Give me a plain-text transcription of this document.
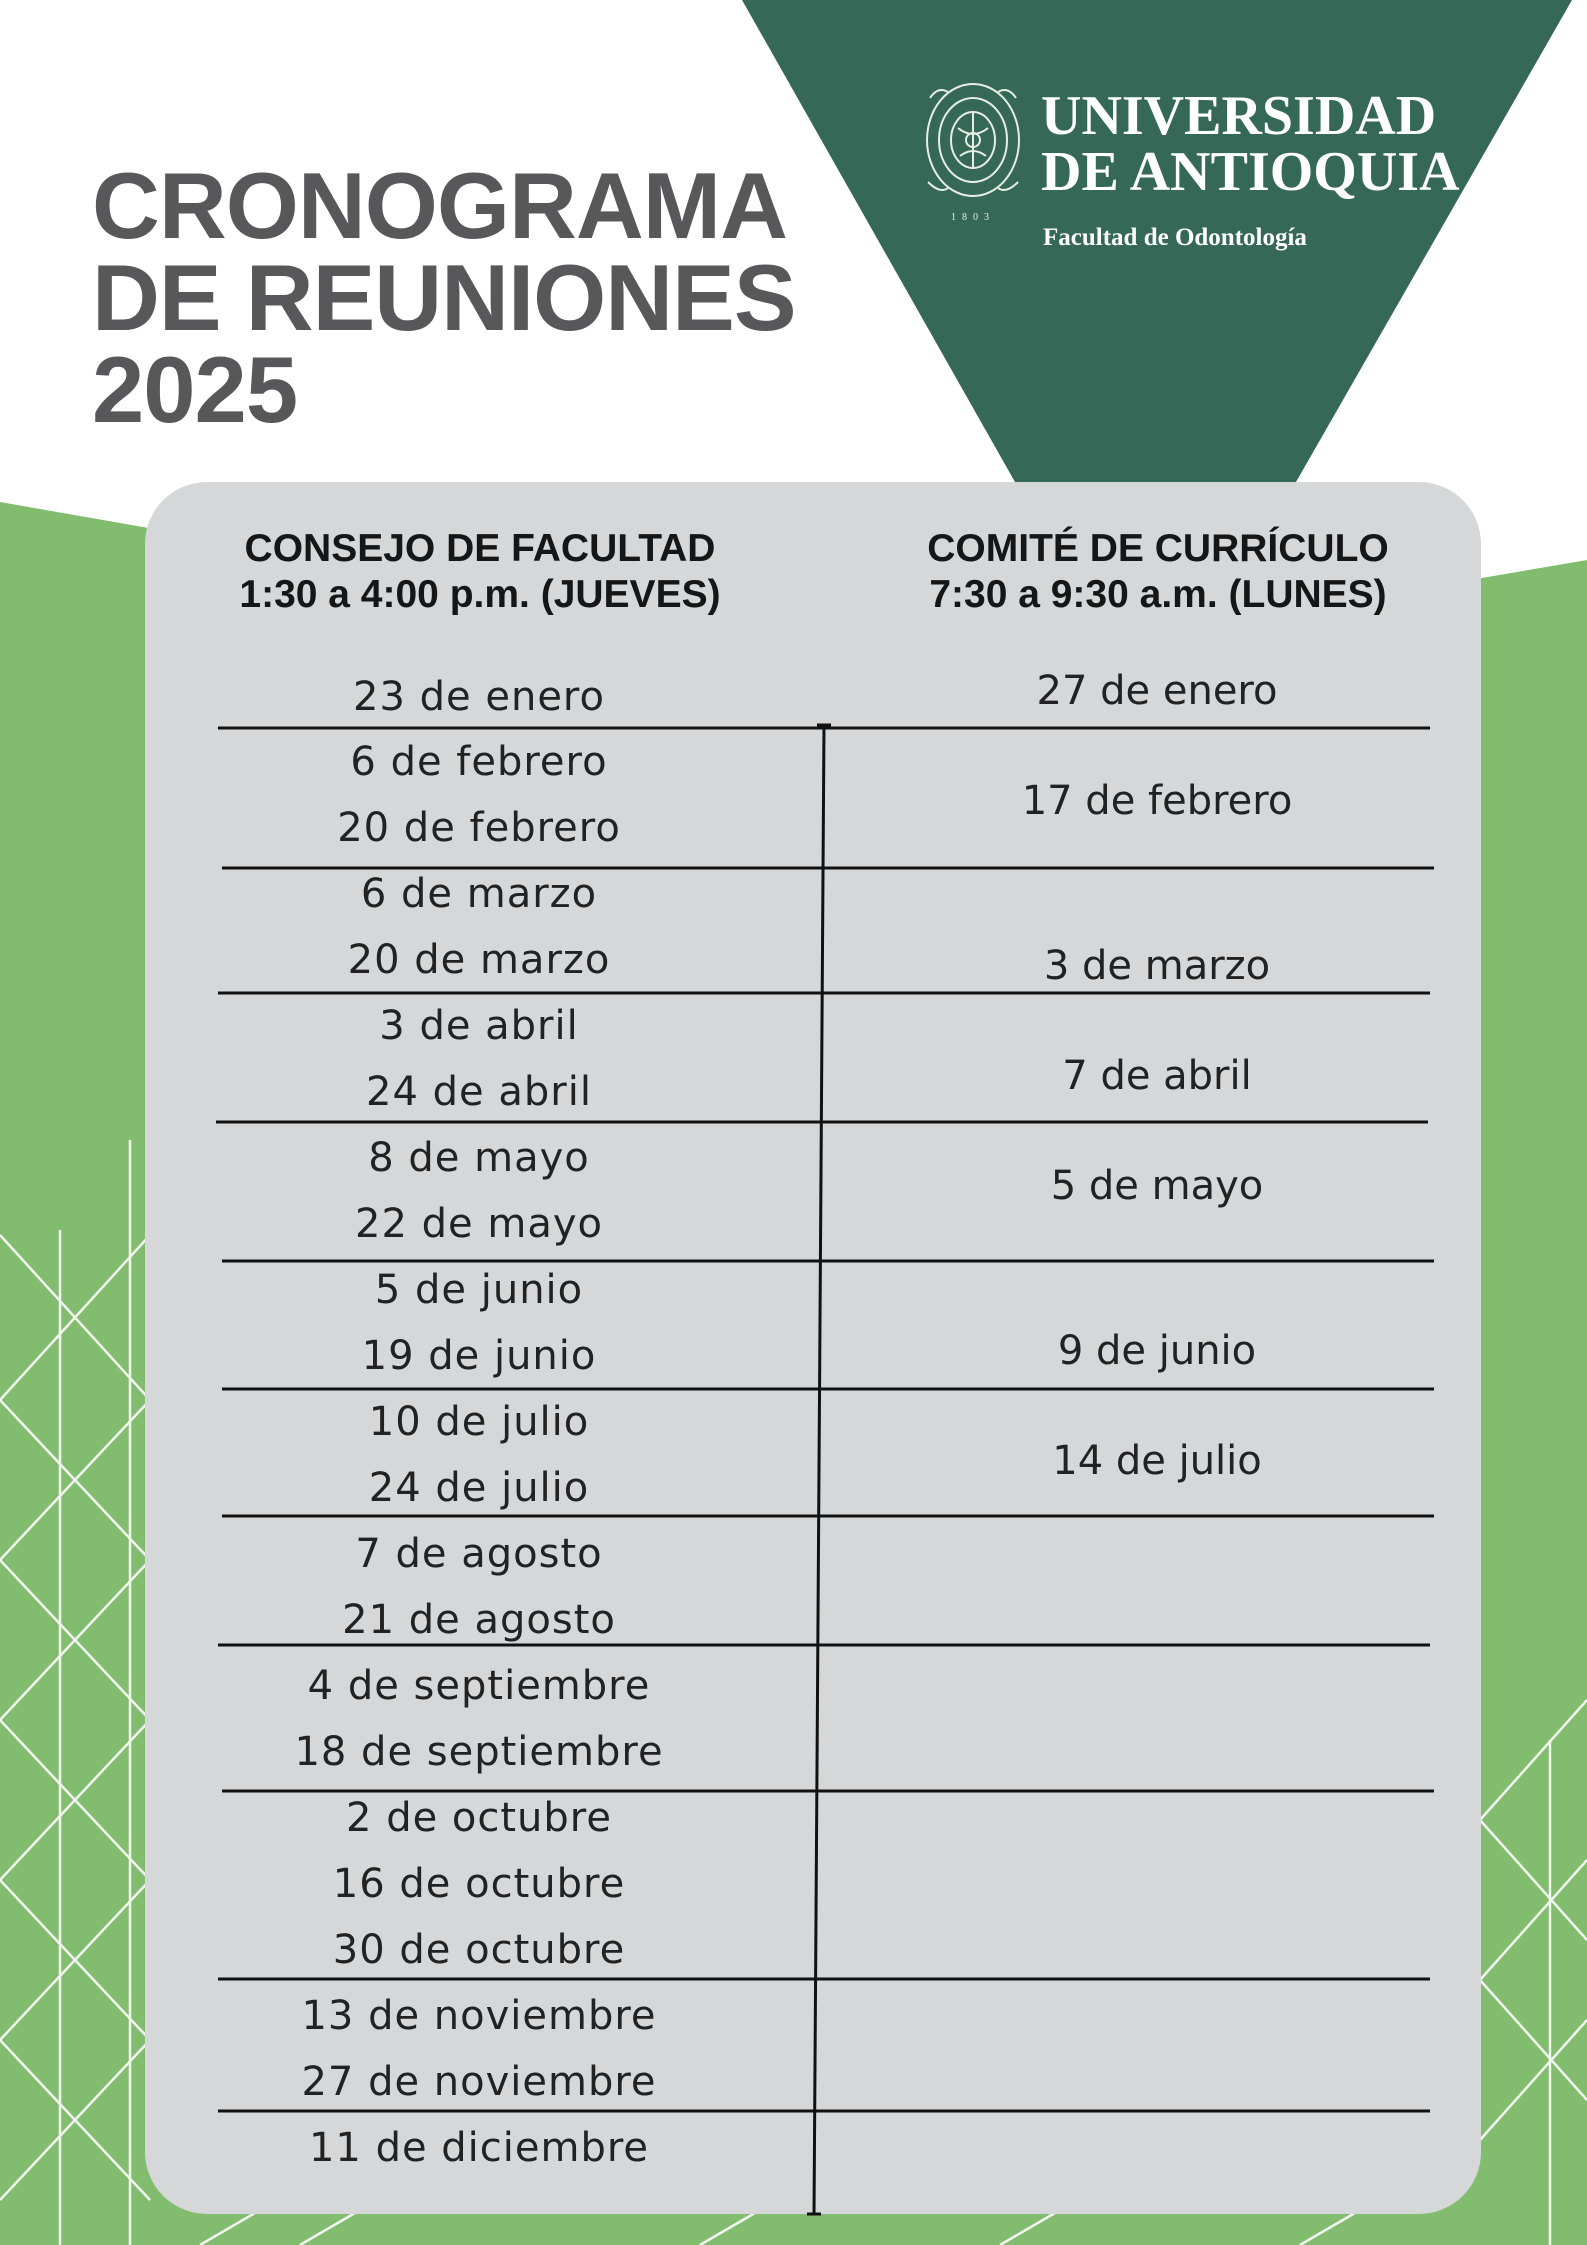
CRONOGRAMA
DE REUNIONES
2025
1803
UNIVERSIDAD
DE ANTIOQUIA
Facultad de Odontología
CONSEJO DE FACULTAD
1:30 a 4:00 p.m. (JUEVES)
COMITÉ DE CURRÍCULO
7:30 a 9:30 a.m. (LUNES)
23 de enero
6 de febrero
20 de febrero
6 de marzo
20 de marzo
3 de abril
24 de abril
8 de mayo
22 de mayo
5 de junio
19 de junio
10 de julio
24 de julio
7 de agosto
21 de agosto
4 de septiembre
18 de septiembre
2 de octubre
16 de octubre
30 de octubre
13 de noviembre
27 de noviembre
11 de diciembre
27 de enero
17 de febrero
3 de marzo
7 de abril
5 de mayo
9 de junio
14 de julio
